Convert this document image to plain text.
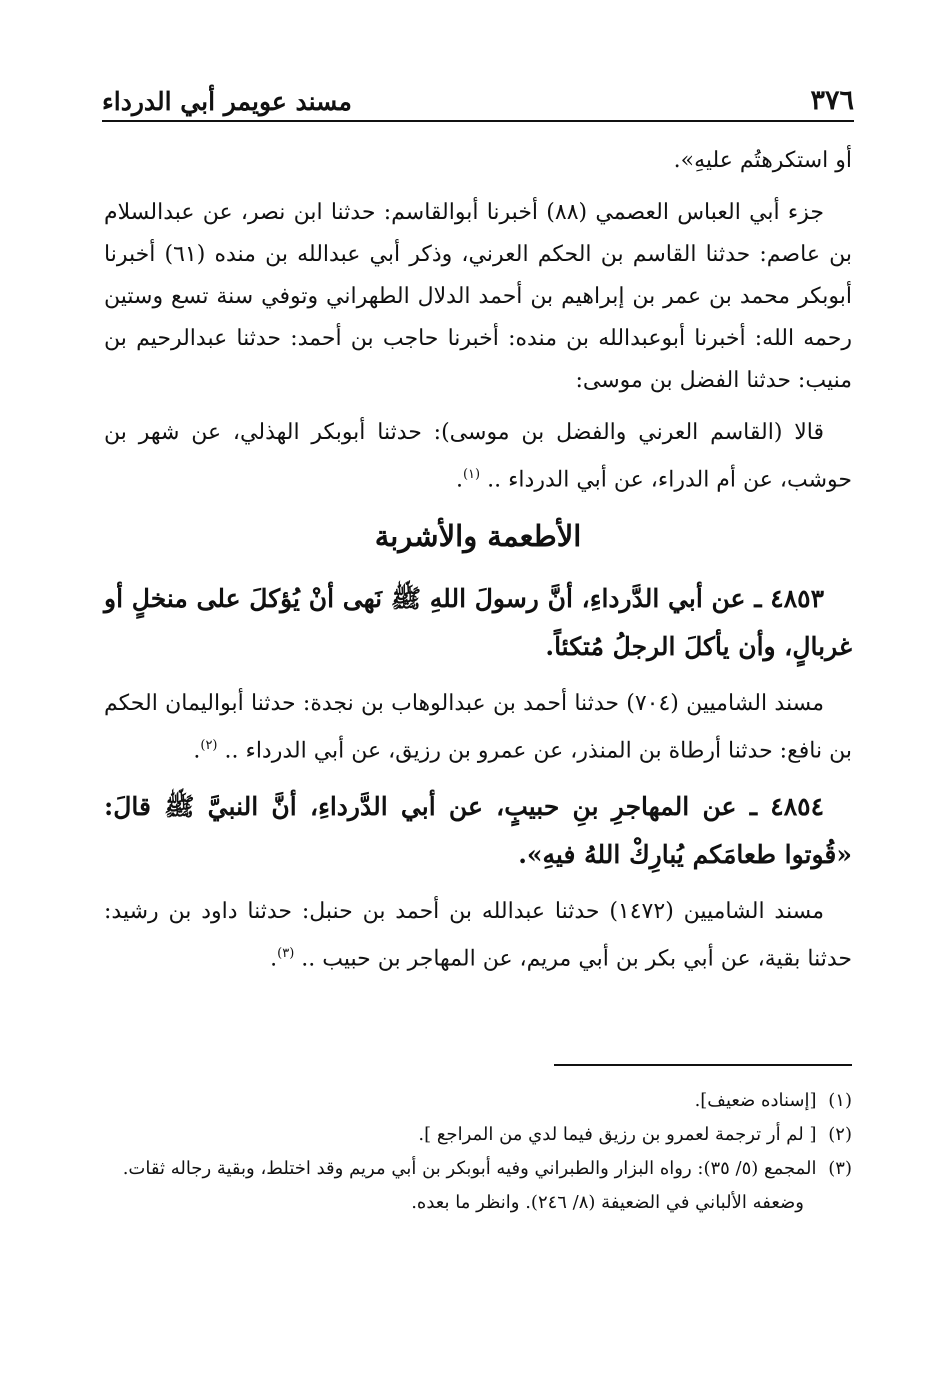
٣٧٦
مسند عويمر أبي الدرداء

أو استكرهتُم عليهِ».

جزء أبي العباس العصمي (٨٨) أخبرنا أبوالقاسم: حدثنا ابن نصر، عن عبدالسلام بن عاصم: حدثنا القاسم بن الحكم العرني، وذكر أبي عبدالله بن منده (٦١) أخبرنا أبوبكر محمد بن عمر بن إبراهيم بن أحمد الدلال الطهراني وتوفي سنة تسع وستين رحمه الله: أخبرنا أبوعبدالله بن منده: أخبرنا حاجب بن أحمد: حدثنا عبدالرحيم بن منيب: حدثنا الفضل بن موسى:

قالا (القاسم العرني والفضل بن موسى): حدثنا أبوبكر الهذلي، عن شهر بن حوشب، عن أم الدراء، عن أبي الدرداء .. $^{(١)}$.

الأطعمة والأشربة

٤٨٥٣ ـ عن أبي الدَّرداءِ، أنَّ رسولَ اللهِ ﷺ نَهى أنْ يُؤكلَ على منخلٍ أو غربالٍ، وأن يأكلَ الرجلُ مُتكئاً.

مسند الشاميين (٧٠٤) حدثنا أحمد بن عبدالوهاب بن نجدة: حدثنا أبواليمان الحكم بن نافع: حدثنا أرطاة بن المنذر، عن عمرو بن رزيق، عن أبي الدرداء .. $^{(٢)}$.

٤٨٥٤ ـ عن المهاجرِ بنِ حبيبٍ، عن أبي الدَّرداءِ، أنَّ النبيَّ ﷺ قالَ: «قُوتوا طعامَكم يُبارِكْ اللهُ فيهِ».

مسند الشاميين (١٤٧٢) حدثنا عبدالله بن أحمد بن حنبل: حدثنا داود بن رشيد: حدثنا بقية، عن أبي بكر بن أبي مريم، عن المهاجر بن حبيب .. $^{(٣)}$.

(١) [إسناده ضعيف].

(٢) [ لم أر ترجمة لعمرو بن رزيق فيما لدي من المراجع ].

(٣) المجمع (٥/ ٣٥): رواه البزار والطبراني وفيه أبوبكر بن أبي مريم وقد اختلط، وبقية رجاله ثقات.

وضعفه الألباني في الضعيفة (٨/ ٢٤٦). وانظر ما بعده.
